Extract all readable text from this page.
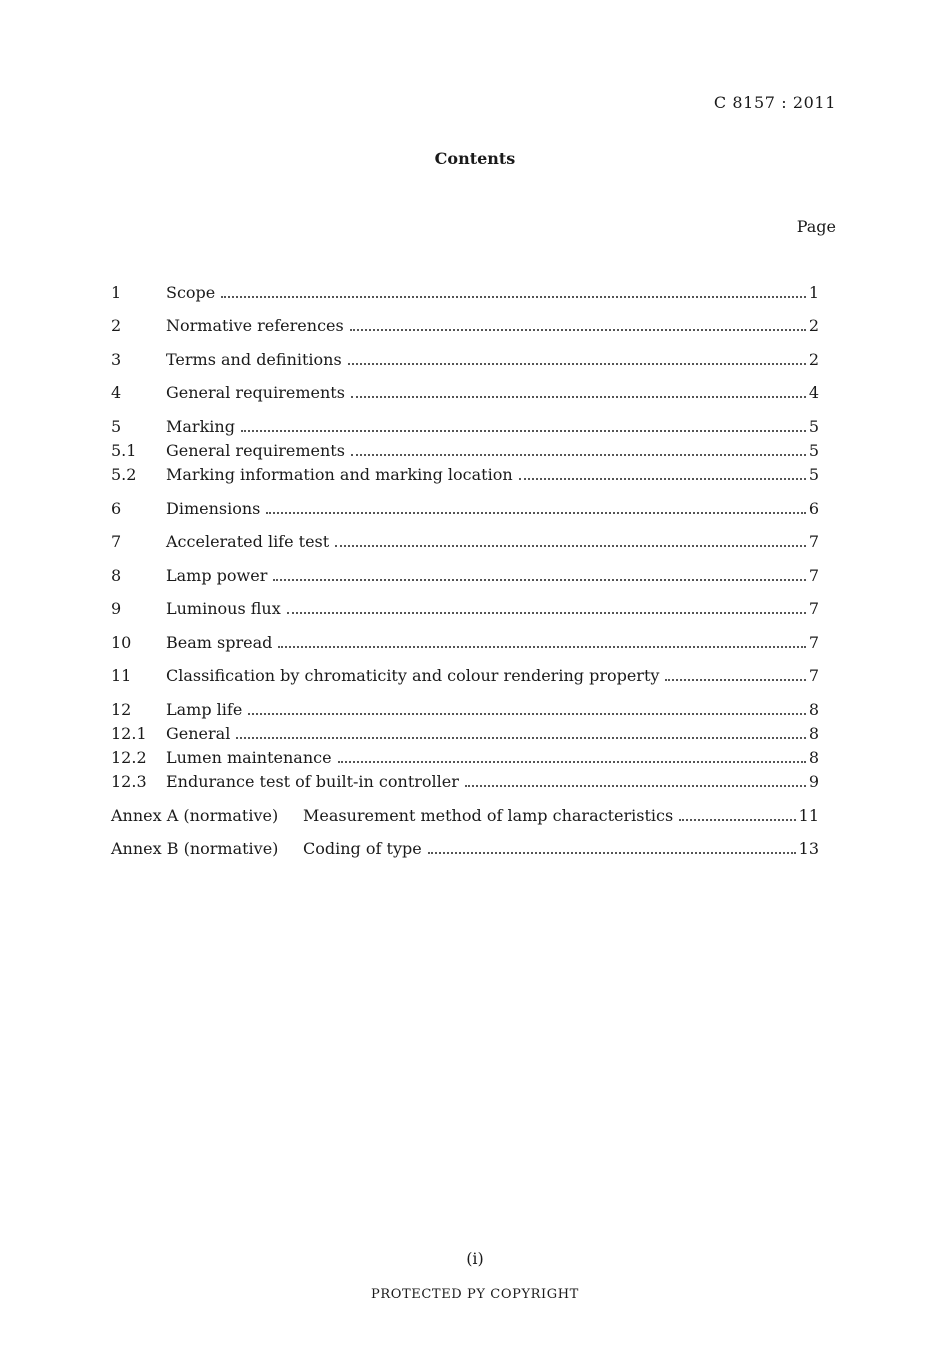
C 8157 : 2011
Contents
Page
1	Scope	1
2	Normative references	2
3	Terms and definitions	2
4	General requirements	4
5	Marking	5
5.1	General requirements	5
5.2	Marking information and marking location	5
6	Dimensions	6
7	Accelerated life test	7
8	Lamp power	7
9	Luminous flux	7
10	Beam spread	7
11	Classification by chromaticity and colour rendering property	7
12	Lamp life	8
12.1	General	8
12.2	Lumen maintenance	8
12.3	Endurance test of built-in controller	9
Annex A (normative)	Measurement method of lamp characteristics	11
Annex B (normative)	Coding of type	13
(i)
PROTECTED PY COPYRIGHT
